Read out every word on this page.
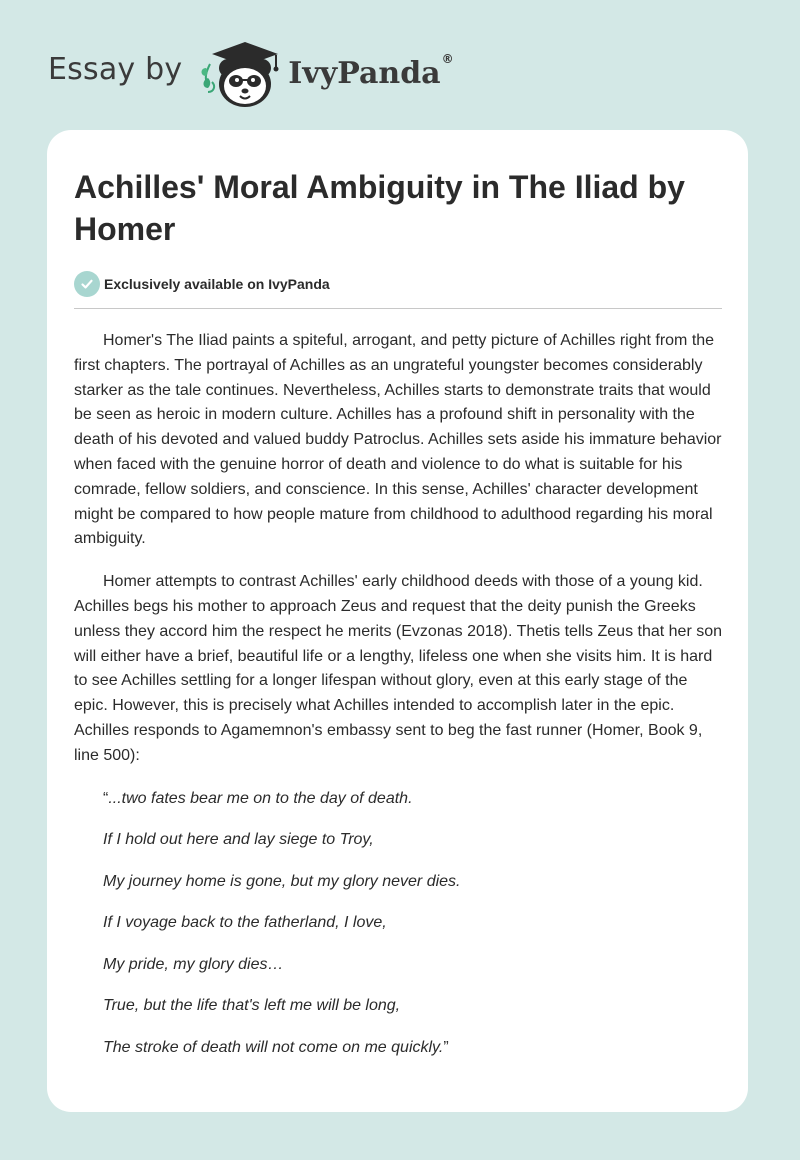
Essay by	IvyPanda®
Achilles' Moral Ambiguity in The Iliad by Homer
Exclusively available on IvyPanda

Homer's The Iliad paints a spiteful, arrogant, and petty picture of Achilles right from the first chapters. The portrayal of Achilles as an ungrateful youngster becomes considerably starker as the tale continues. Nevertheless, Achilles starts to demonstrate traits that would be seen as heroic in modern culture. Achilles has a profound shift in personality with the death of his devoted and valued buddy Patroclus. Achilles sets aside his immature behavior when faced with the genuine horror of death and violence to do what is suitable for his comrade, fellow soldiers, and conscience. In this sense, Achilles' character development might be compared to how people mature from childhood to adulthood regarding his moral ambiguity.

Homer attempts to contrast Achilles' early childhood deeds with those of a young kid. Achilles begs his mother to approach Zeus and request that the deity punish the Greeks unless they accord him the respect he merits (Evzonas 2018). Thetis tells Zeus that her son will either have a brief, beautiful life or a lengthy, lifeless one when she visits him. It is hard to see Achilles settling for a longer lifespan without glory, even at this early stage of the epic. However, this is precisely what Achilles intended to accomplish later in the epic. Achilles responds to Agamemnon's embassy sent to beg the fast runner (Homer, Book 9, line 500):

“...two fates bear me on to the day of death.

If I hold out here and lay siege to Troy,

My journey home is gone, but my glory never dies.

If I voyage back to the fatherland, I love,

My pride, my glory dies…

True, but the life that's left me will be long,

The stroke of death will not come on me quickly.”
